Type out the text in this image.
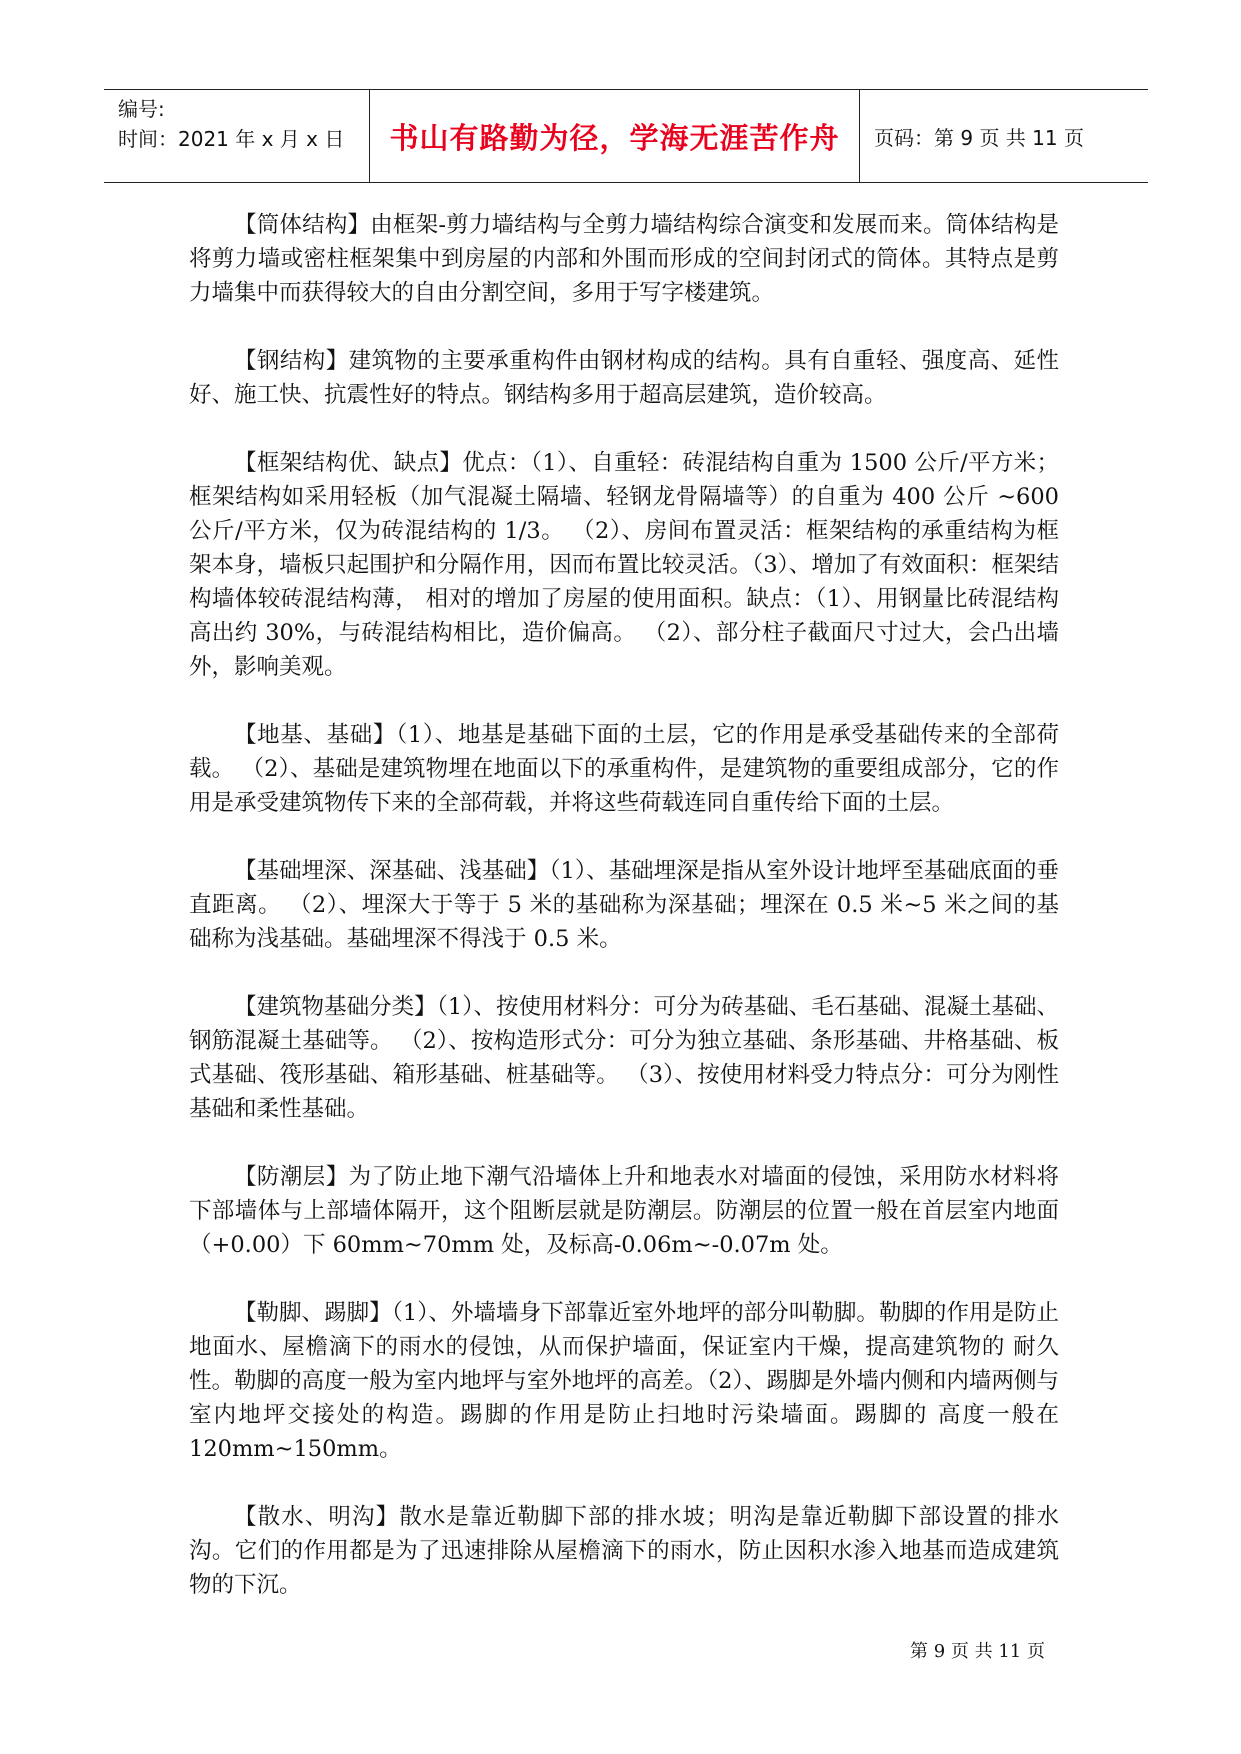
编号:
时间：2021 年 x 月 x 日	书山有路勤为径，学海无涯苦作舟	页码：第 9 页 共 11 页

【筒体结构】由框架-剪力墙结构与全剪力墙结构综合演变和发展而来。筒体结构是将剪力墙或密柱框架集中到房屋的内部和外围而形成的空间封闭式的筒体。其特点是剪力墙集中而获得较大的自由分割空间，多用于写字楼建筑。

【钢结构】建筑物的主要承重构件由钢材构成的结构。具有自重轻、强度高、延性好、施工快、抗震性好的特点。钢结构多用于超高层建筑，造价较高。

【框架结构优、缺点】优点：（1）、自重轻：砖混结构自重为 1500 公斤/平方米；框架结构如采用轻板（加气混凝土隔墙、轻钢龙骨隔墙等）的自重为 400 公斤 ~600 公斤/平方米，仅为砖混结构的 1/3。 （2）、房间布置灵活：框架结构的承重结构为框架本身，墙板只起围护和分隔作用，因而布置比较灵活。（3）、增加了有效面积：框架结构墙体较砖混结构薄， 相对的增加了房屋的使用面积。缺点：（1）、用钢量比砖混结构高出约 30%，与砖混结构相比，造价偏高。 （2）、部分柱子截面尺寸过大，会凸出墙外，影响美观。

【地基、基础】（1）、地基是基础下面的土层，它的作用是承受基础传来的全部荷载。 （2）、基础是建筑物埋在地面以下的承重构件，是建筑物的重要组成部分，它的作用是承受建筑物传下来的全部荷载，并将这些荷载连同自重传给下面的土层。

【基础埋深、深基础、浅基础】（1）、基础埋深是指从室外设计地坪至基础底面的垂直距离。 （2）、埋深大于等于 5 米的基础称为深基础；埋深在 0.5 米~5 米之间的基础称为浅基础。基础埋深不得浅于 0.5 米。

【建筑物基础分类】（1）、按使用材料分：可分为砖基础、毛石基础、混凝土基础、钢筋混凝土基础等。 （2）、按构造形式分：可分为独立基础、条形基础、井格基础、板式基础、筏形基础、箱形基础、桩基础等。 （3）、按使用材料受力特点分：可分为刚性基础和柔性基础。

【防潮层】为了防止地下潮气沿墙体上升和地表水对墙面的侵蚀，采用防水材料将下部墙体与上部墙体隔开，这个阻断层就是防潮层。防潮层的位置一般在首层室内地面（+0.00）下 60mm~70mm 处，及标高-0.06m~-0.07m 处。

【勒脚、踢脚】（1）、外墙墙身下部靠近室外地坪的部分叫勒脚。勒脚的作用是防止地面水、屋檐滴下的雨水的侵蚀，从而保护墙面，保证室内干燥，提高建筑物的 耐久性。勒脚的高度一般为室内地坪与室外地坪的高差。（2）、踢脚是外墙内侧和内墙两侧与室内地坪交接处的构造。踢脚的作用是防止扫地时污染墙面。踢脚的 高度一般在 120mm~150mm。

【散水、明沟】散水是靠近勒脚下部的排水坡；明沟是靠近勒脚下部设置的排水沟。它们的作用都是为了迅速排除从屋檐滴下的雨水，防止因积水渗入地基而造成建筑物的下沉。

第 9 页 共 11 页
